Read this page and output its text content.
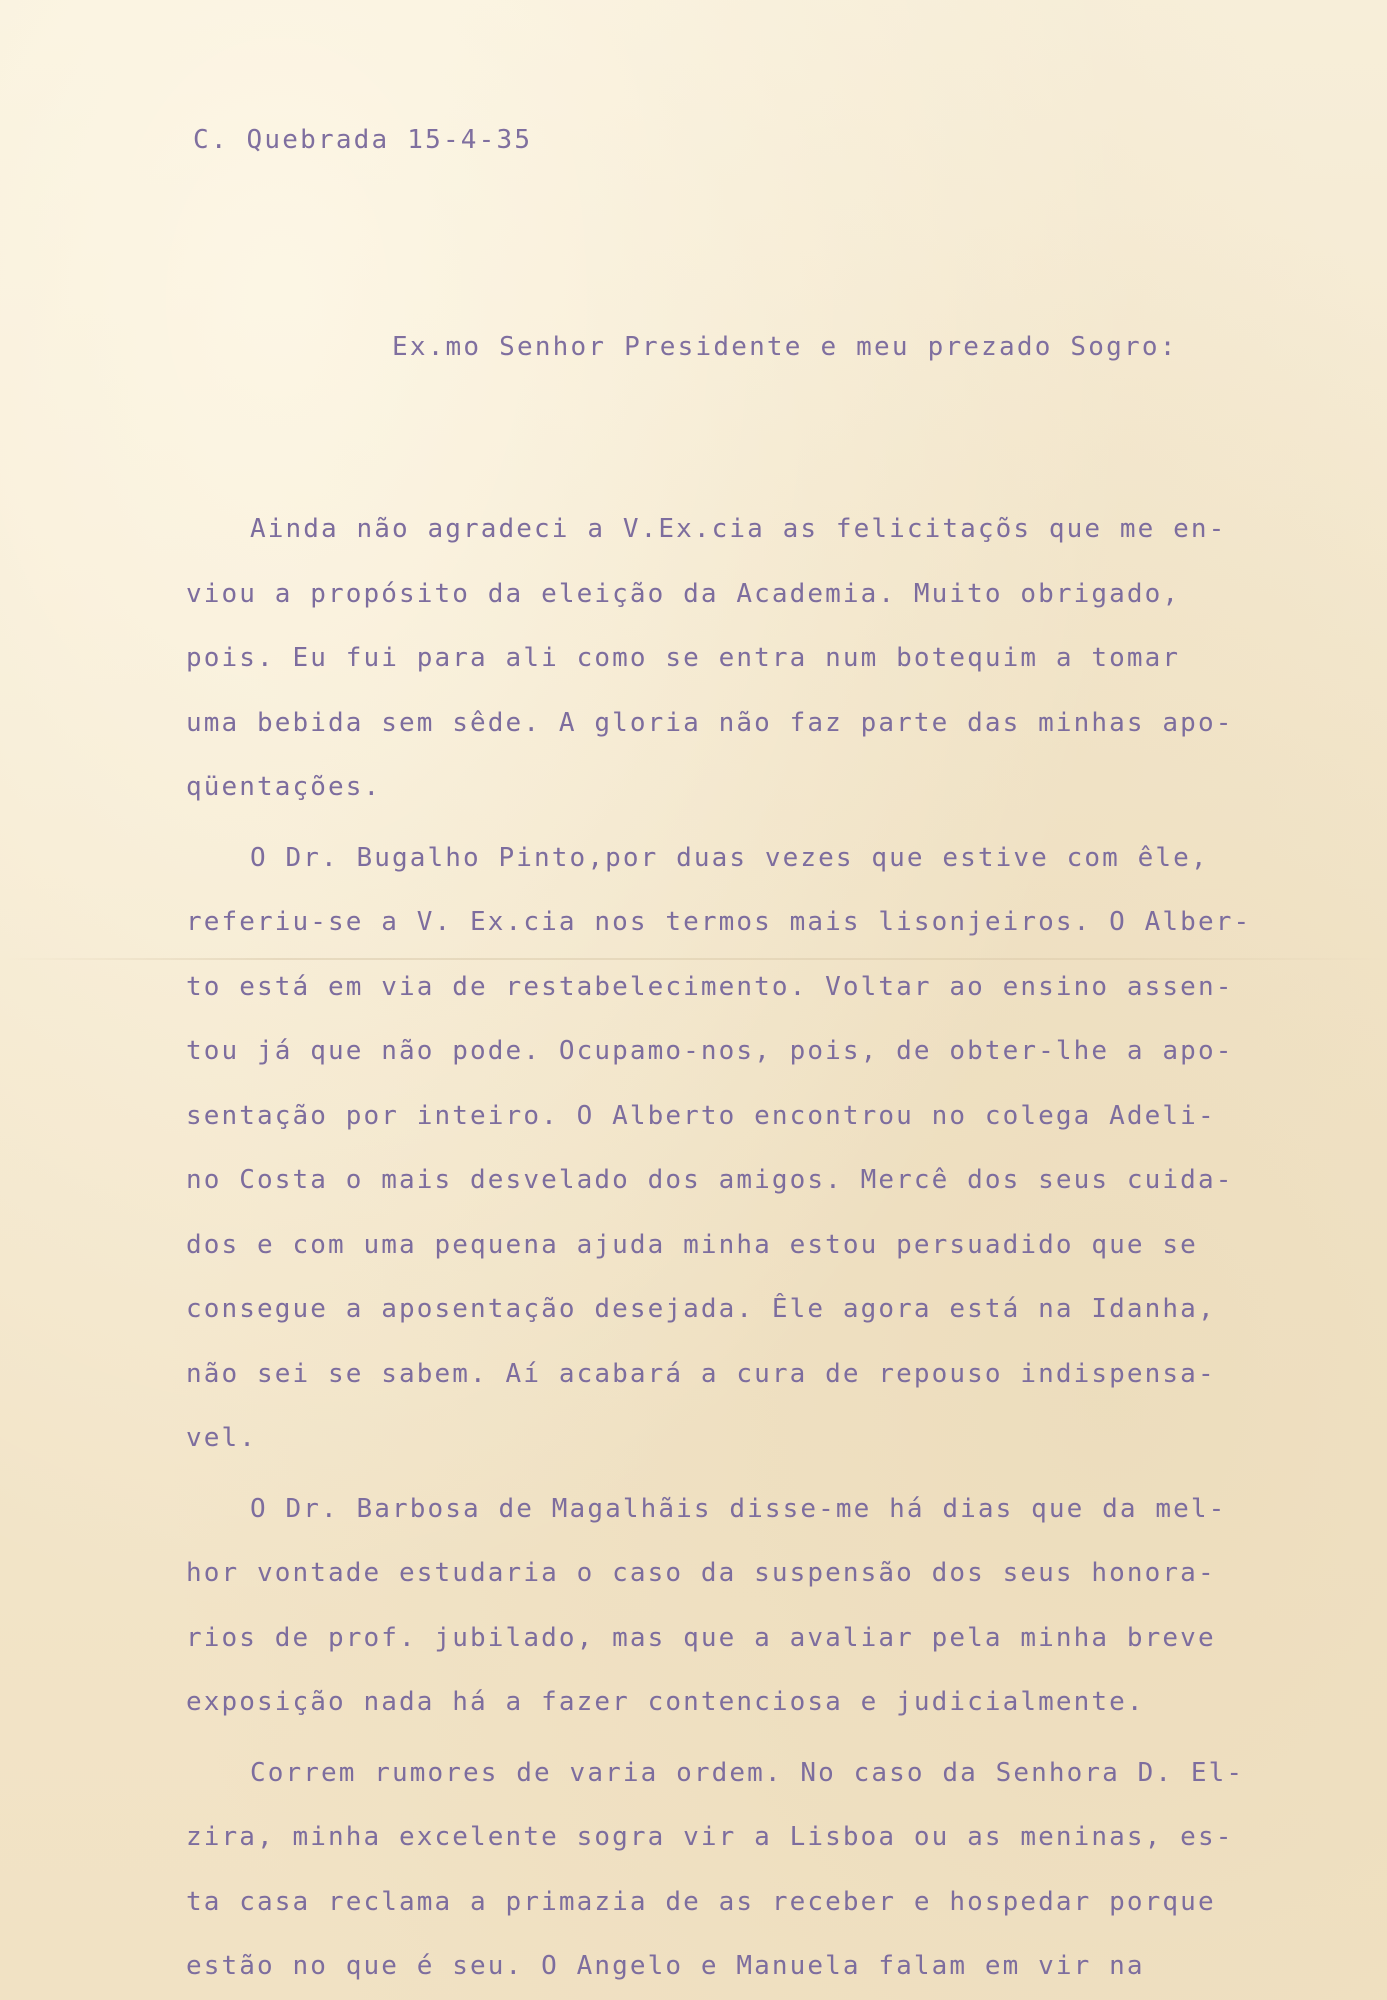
C. Quebrada 15-4-35
Ex.mo Senhor Presidente e meu prezado Sogro:
Ainda não agradeci a V.Ex.cia as felicitaçõs que me en-
viou a propósito da eleição da Academia. Muito obrigado,
pois. Eu fui para ali como se entra num botequim a tomar
uma bebida sem sêde. A gloria não faz parte das minhas apo-
qüentações.
O Dr. Bugalho Pinto,por duas vezes que estive com êle,
referiu-se a V. Ex.cia nos termos mais lisonjeiros. O Alber-
to está em via de restabelecimento. Voltar ao ensino assen-
tou já que não pode. Ocupamo-nos, pois, de obter-lhe a apo-
sentação por inteiro. O Alberto encontrou no colega Adeli-
no Costa o mais desvelado dos amigos. Mercê dos seus cuida-
dos e com uma pequena ajuda minha estou persuadido que se
consegue a aposentação desejada. Êle agora está na Idanha,
não sei se sabem. Aí acabará a cura de repouso indispensa-
vel.
O Dr. Barbosa de Magalhãis disse-me há dias que da mel-
hor vontade estudaria o caso da suspensão dos seus honora-
rios de prof. jubilado, mas que a avaliar pela minha breve
exposição nada há a fazer contenciosa e judicialmente.
Correm rumores de varia ordem. No caso da Senhora D. El-
zira, minha excelente sogra vir a Lisboa ou as meninas, es-
ta casa reclama a primazia de as receber e hospedar porque
estão no que é seu. O Angelo e Manuela falam em vir na
